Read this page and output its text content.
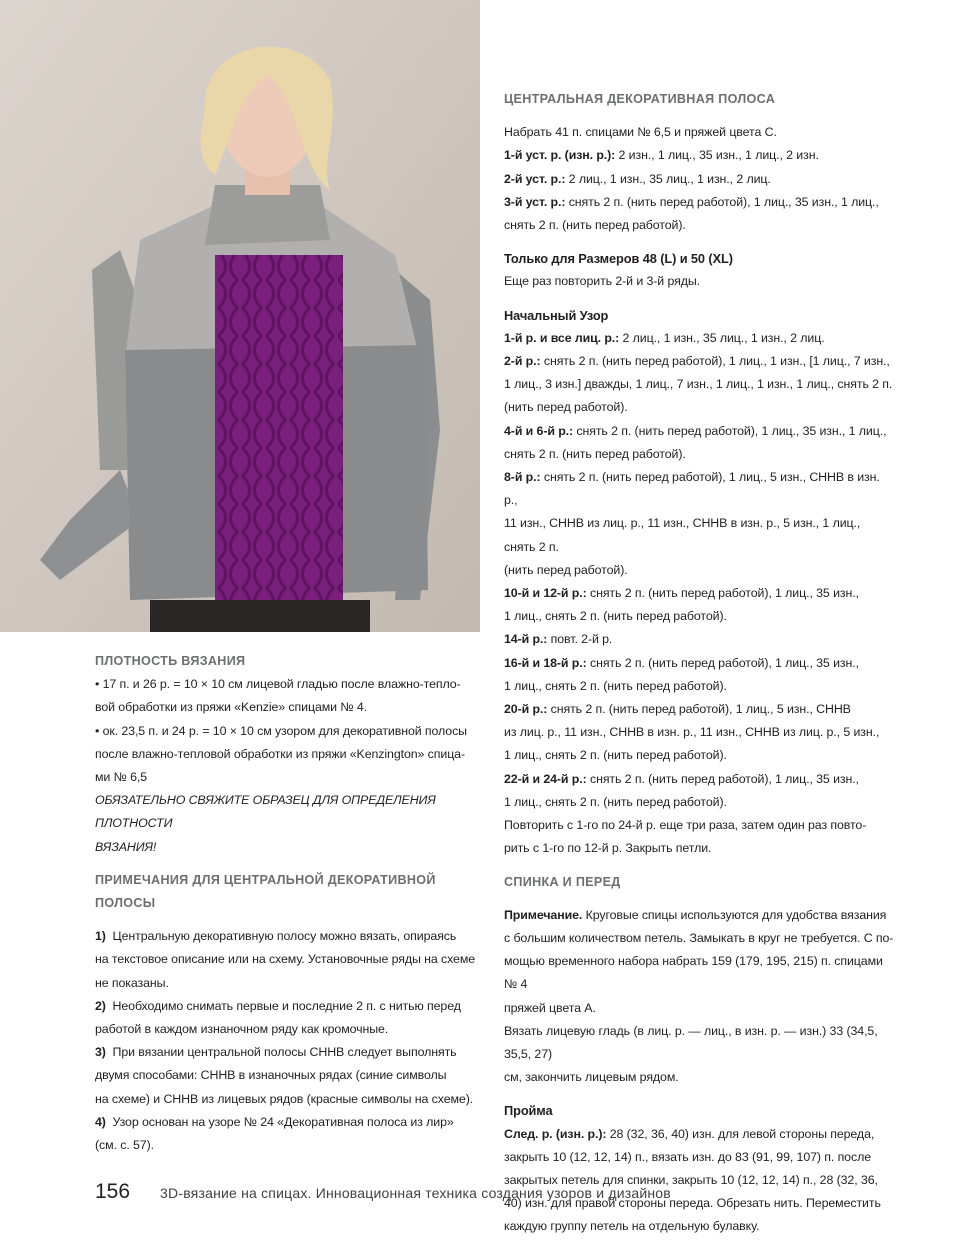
ПЛОТНОСТЬ ВЯЗАНИЯ

• 17 п. и 26 р. = 10 × 10 см лицевой гладью после влажно-тепло-

вой обработки из пряжи «Kenzie» спицами № 4.

• ок. 23,5 п. и 24 р. = 10 × 10 см узором для декоративной полосы

после влажно-тепловой обработки из пряжи «Kenzington» спица-

ми № 6,5

ОБЯЗАТЕЛЬНО СВЯЖИТЕ ОБРАЗЕЦ ДЛЯ ОПРЕДЕЛЕНИЯ ПЛОТНОСТИ

ВЯЗАНИЯ!

ПРИМЕЧАНИЯ ДЛЯ ЦЕНТРАЛЬНОЙ ДЕКОРАТИВНОЙ

ПОЛОСЫ

1) Центральную декоративную полосу можно вязать, опираясь

на текстовое описание или на схему. Установочные ряды на схеме

не показаны.

2) Необходимо снимать первые и последние 2 п. с нитью перед

работой в каждом изнаночном ряду как кромочные.

3) При вязании центральной полосы СННВ следует выполнять

двумя способами: СННВ в изнаночных рядах (синие символы

на схеме) и СННВ из лицевых рядов (красные символы на схеме).

4) Узор основан на узоре № 24 «Декоративная полоса из лир»

(см. с. 57).

ЦЕНТРАЛЬНАЯ ДЕКОРАТИВНАЯ ПОЛОСА

Набрать 41 п. спицами № 6,5 и пряжей цвета С.

1-й уст. р. (изн. р.): 2 изн., 1 лиц., 35 изн., 1 лиц., 2 изн.

2-й уст. р.: 2 лиц., 1 изн., 35 лиц., 1 изн., 2 лиц.

3-й уст. р.: снять 2 п. (нить перед работой), 1 лиц., 35 изн., 1 лиц.,

снять 2 п. (нить перед работой).

Только для Размеров 48 (L) и 50 (XL)

Еще раз повторить 2-й и 3-й ряды.

Начальный Узор

1-й р. и все лиц. р.: 2 лиц., 1 изн., 35 лиц., 1 изн., 2 лиц.

2-й р.: снять 2 п. (нить перед работой), 1 лиц., 1 изн., [1 лиц., 7 изн.,

1 лиц., 3 изн.] дважды, 1 лиц., 7 изн., 1 лиц., 1 изн., 1 лиц., снять 2 п.

(нить перед работой).

4-й и 6-й р.: снять 2 п. (нить перед работой), 1 лиц., 35 изн., 1 лиц.,

снять 2 п. (нить перед работой).

8-й р.: снять 2 п. (нить перед работой), 1 лиц., 5 изн., СННВ в изн. р.,

11 изн., СННВ из лиц. р., 11 изн., СННВ в изн. р., 5 изн., 1 лиц., снять 2 п.

(нить перед работой).

10-й и 12-й р.: снять 2 п. (нить перед работой), 1 лиц., 35 изн.,

1 лиц., снять 2 п. (нить перед работой).

14-й р.: повт. 2-й р.

16-й и 18-й р.: снять 2 п. (нить перед работой), 1 лиц., 35 изн.,

1 лиц., снять 2 п. (нить перед работой).

20-й р.: снять 2 п. (нить перед работой), 1 лиц., 5 изн., СННВ

из лиц. р., 11 изн., СННВ в изн. р., 11 изн., СННВ из лиц. р., 5 изн.,

1 лиц., снять 2 п. (нить перед работой).

22-й и 24-й р.: снять 2 п. (нить перед работой), 1 лиц., 35 изн.,

1 лиц., снять 2 п. (нить перед работой).

Повторить с 1-го по 24-й р. еще три раза, затем один раз повто-

рить с 1-го по 12-й р. Закрыть петли.

СПИНКА И ПЕРЕД

Примечание. Круговые спицы используются для удобства вязания

с большим количеством петель. Замыкать в круг не требуется. С по-

мощью временного набора набрать 159 (179, 195, 215) п. спицами № 4

пряжей цвета А.

Вязать лицевую гладь (в лиц. р. — лиц., в изн. р. — изн.) 33 (34,5, 35,5, 27)

см, закончить лицевым рядом.

Пройма

След. р. (изн. р.): 28 (32, 36, 40) изн. для левой стороны переда,

закрыть 10 (12, 12, 14) п., вязать изн. до 83 (91, 99, 107) п. после

закрытых петель для спинки, закрыть 10 (12, 12, 14) п., 28 (32, 36,

40) изн. для правой стороны переда. Обрезать нить. Переместить

каждую группу петель на отдельную булавку.

156 3D-вязание на спицах. Инновационная техника создания узоров и дизайнов
